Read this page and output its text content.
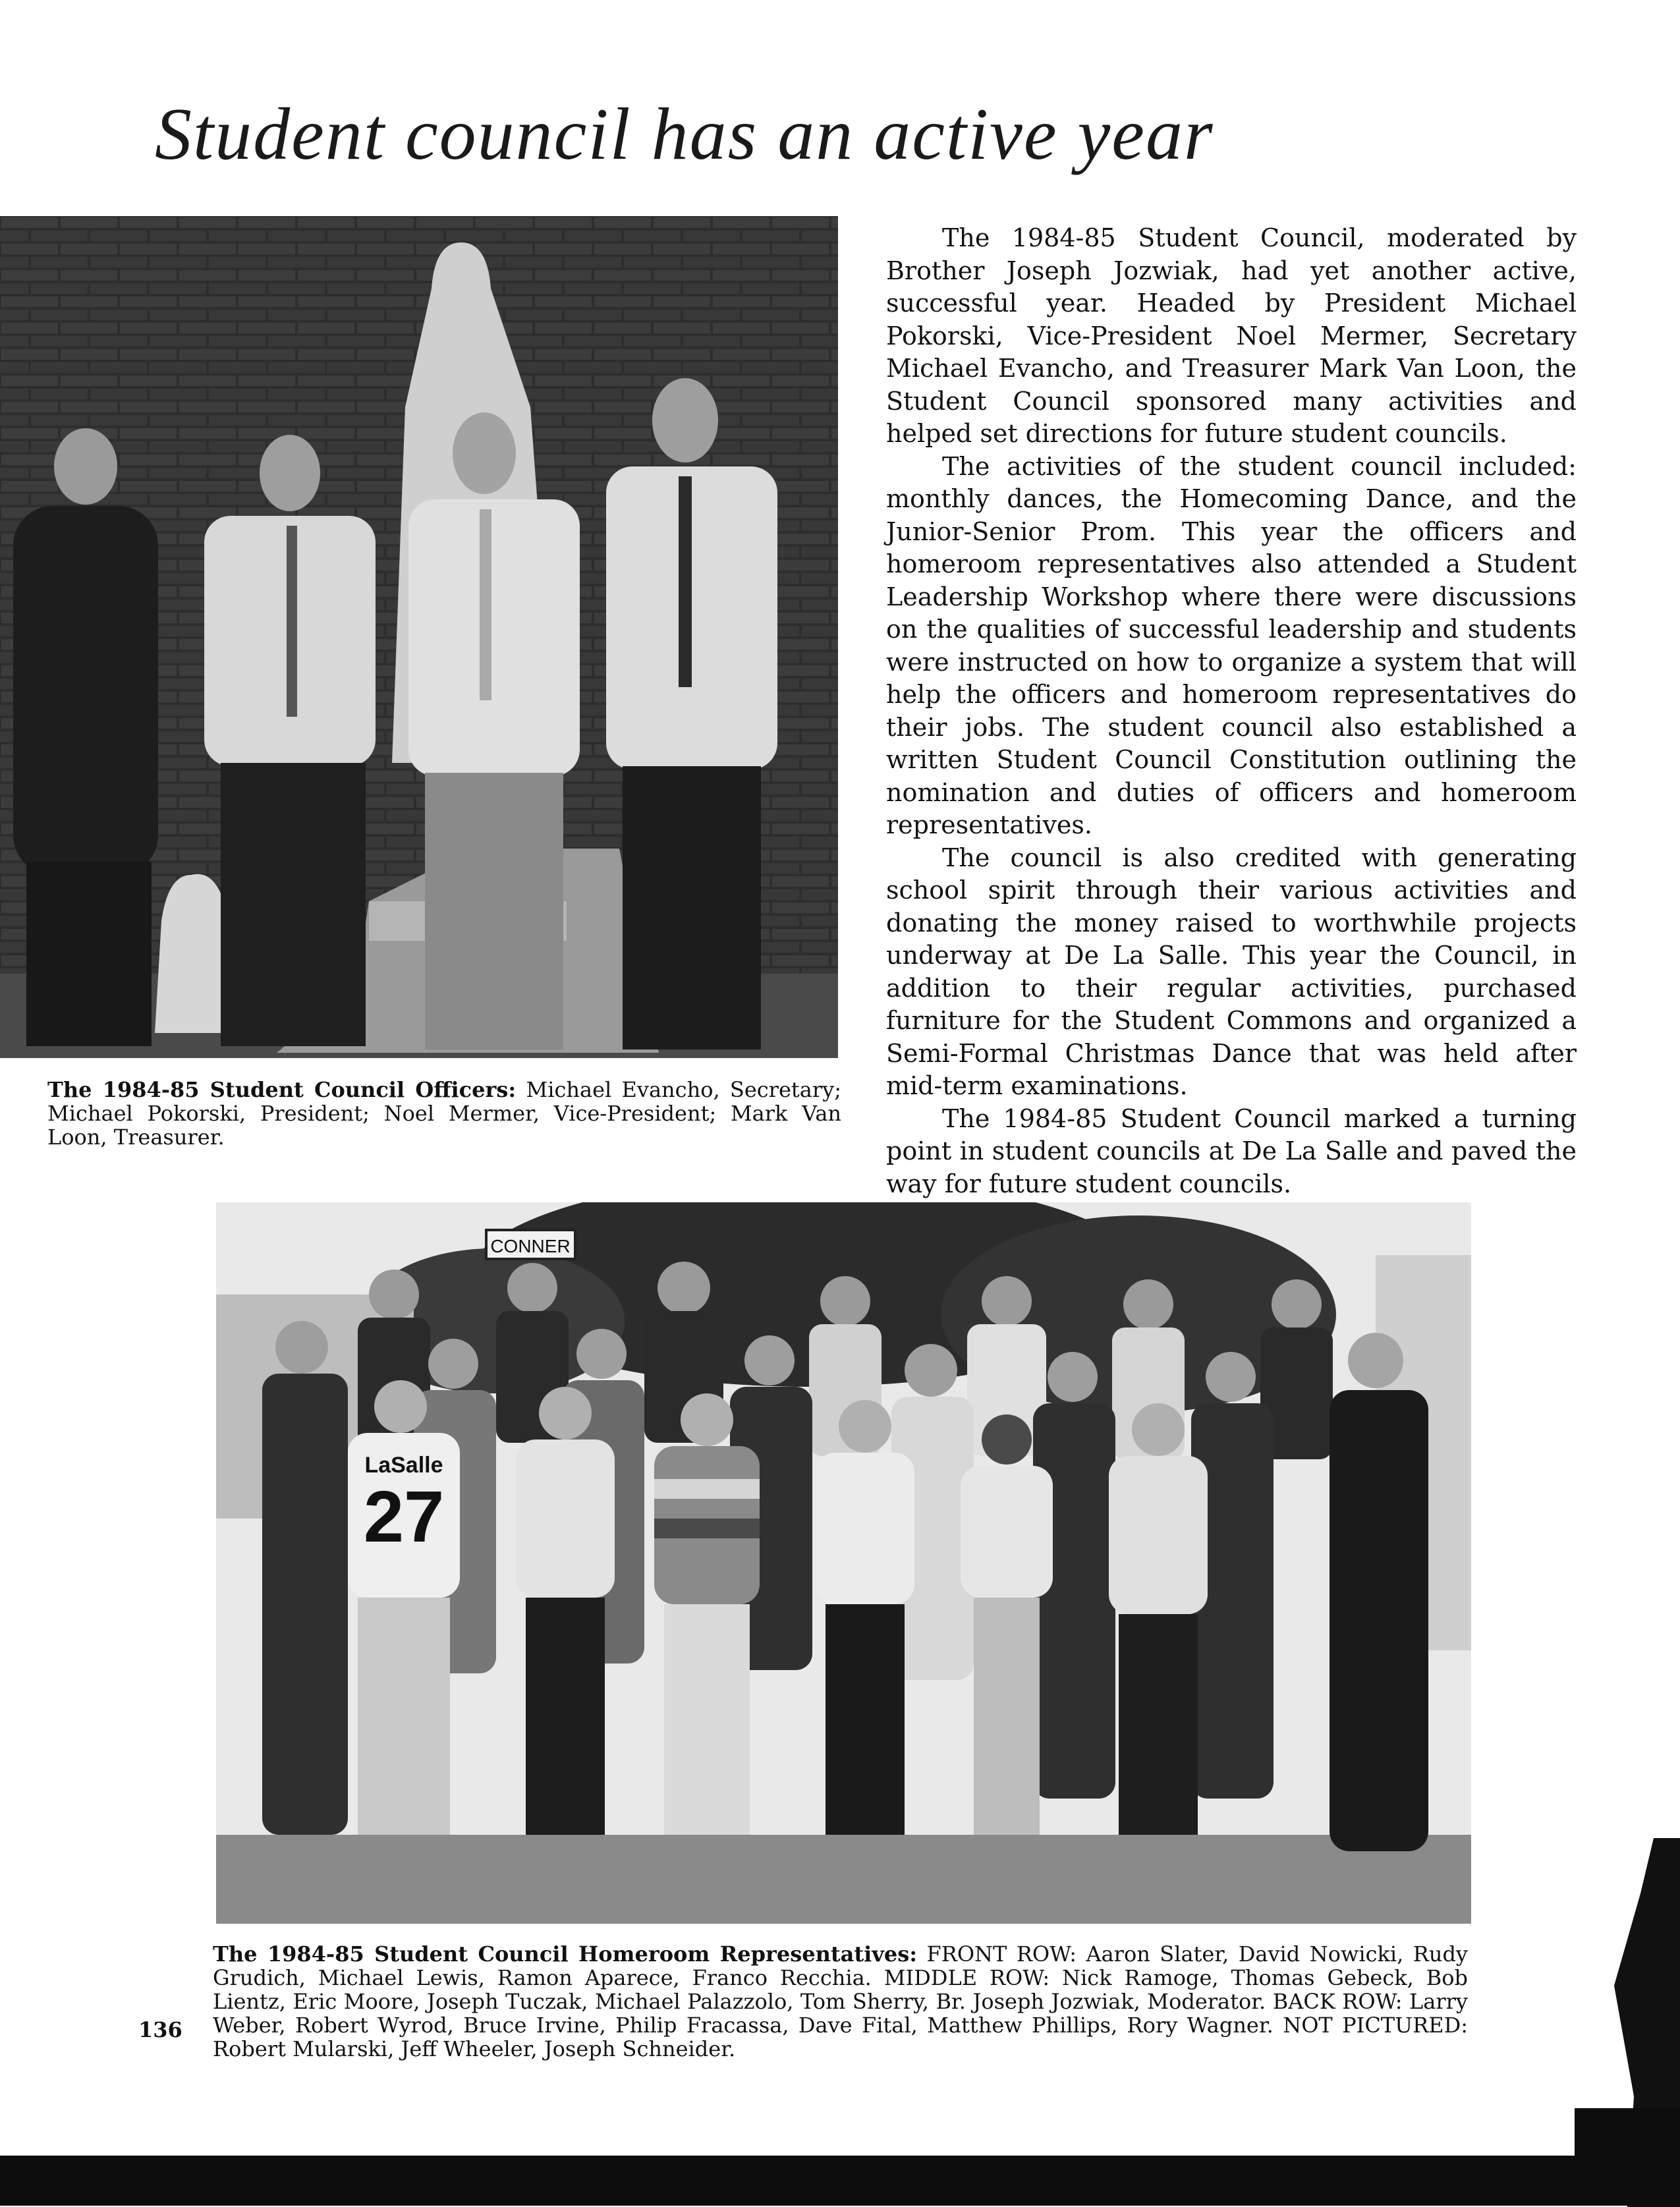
Student council has an active year
The 1984-85 Student Council Officers: Michael Evancho, Secretary; Michael Pokorski, President; Noel Mermer, Vice-President; Mark Van Loon, Treasurer.

The 1984-85 Student Council, moderated by Brother Joseph Jozwiak, had yet another active, successful year. Headed by President Michael Pokorski, Vice-President Noel Mermer, Secretary Michael Evancho, and Treasurer Mark Van Loon, the Student Council sponsored many activities and helped set directions for future student councils.

The activities of the student council included: monthly dances, the Homecoming Dance, and the Junior-Senior Prom. This year the officers and homeroom representatives also attended a Student Leadership Workshop where there were discussions on the qualities of successful leadership and students were instructed on how to organize a system that will help the officers and homeroom representatives do their jobs. The student council also established a written Student Council Constitution outlining the nomination and duties of officers and homeroom representatives.

The council is also credited with generating school spirit through their various activities and donating the money raised to worthwhile projects underway at De La Salle. This year the Council, in addition to their regular activities, purchased furniture for the Student Commons and organized a Semi-Formal Christmas Dance that was held after mid-term examinations.

The 1984-85 Student Council marked a turning point in student councils at De La Salle and paved the way for future student councils.

CONNER
LaSalle
27
The 1984-85 Student Council Homeroom Representatives: FRONT ROW: Aaron Slater, David Nowicki, Rudy Grudich, Michael Lewis, Ramon Aparece, Franco Recchia. MIDDLE ROW: Nick Ramoge, Thomas Gebeck, Bob Lientz, Eric Moore, Joseph Tuczak, Michael Palazzolo, Tom Sherry, Br. Joseph Jozwiak, Moderator. BACK ROW: Larry Weber, Robert Wyrod, Bruce Irvine, Philip Fracassa, Dave Fital, Matthew Phillips, Rory Wagner. NOT PICTURED: Robert Mularski, Jeff Wheeler, Joseph Schneider.
136
